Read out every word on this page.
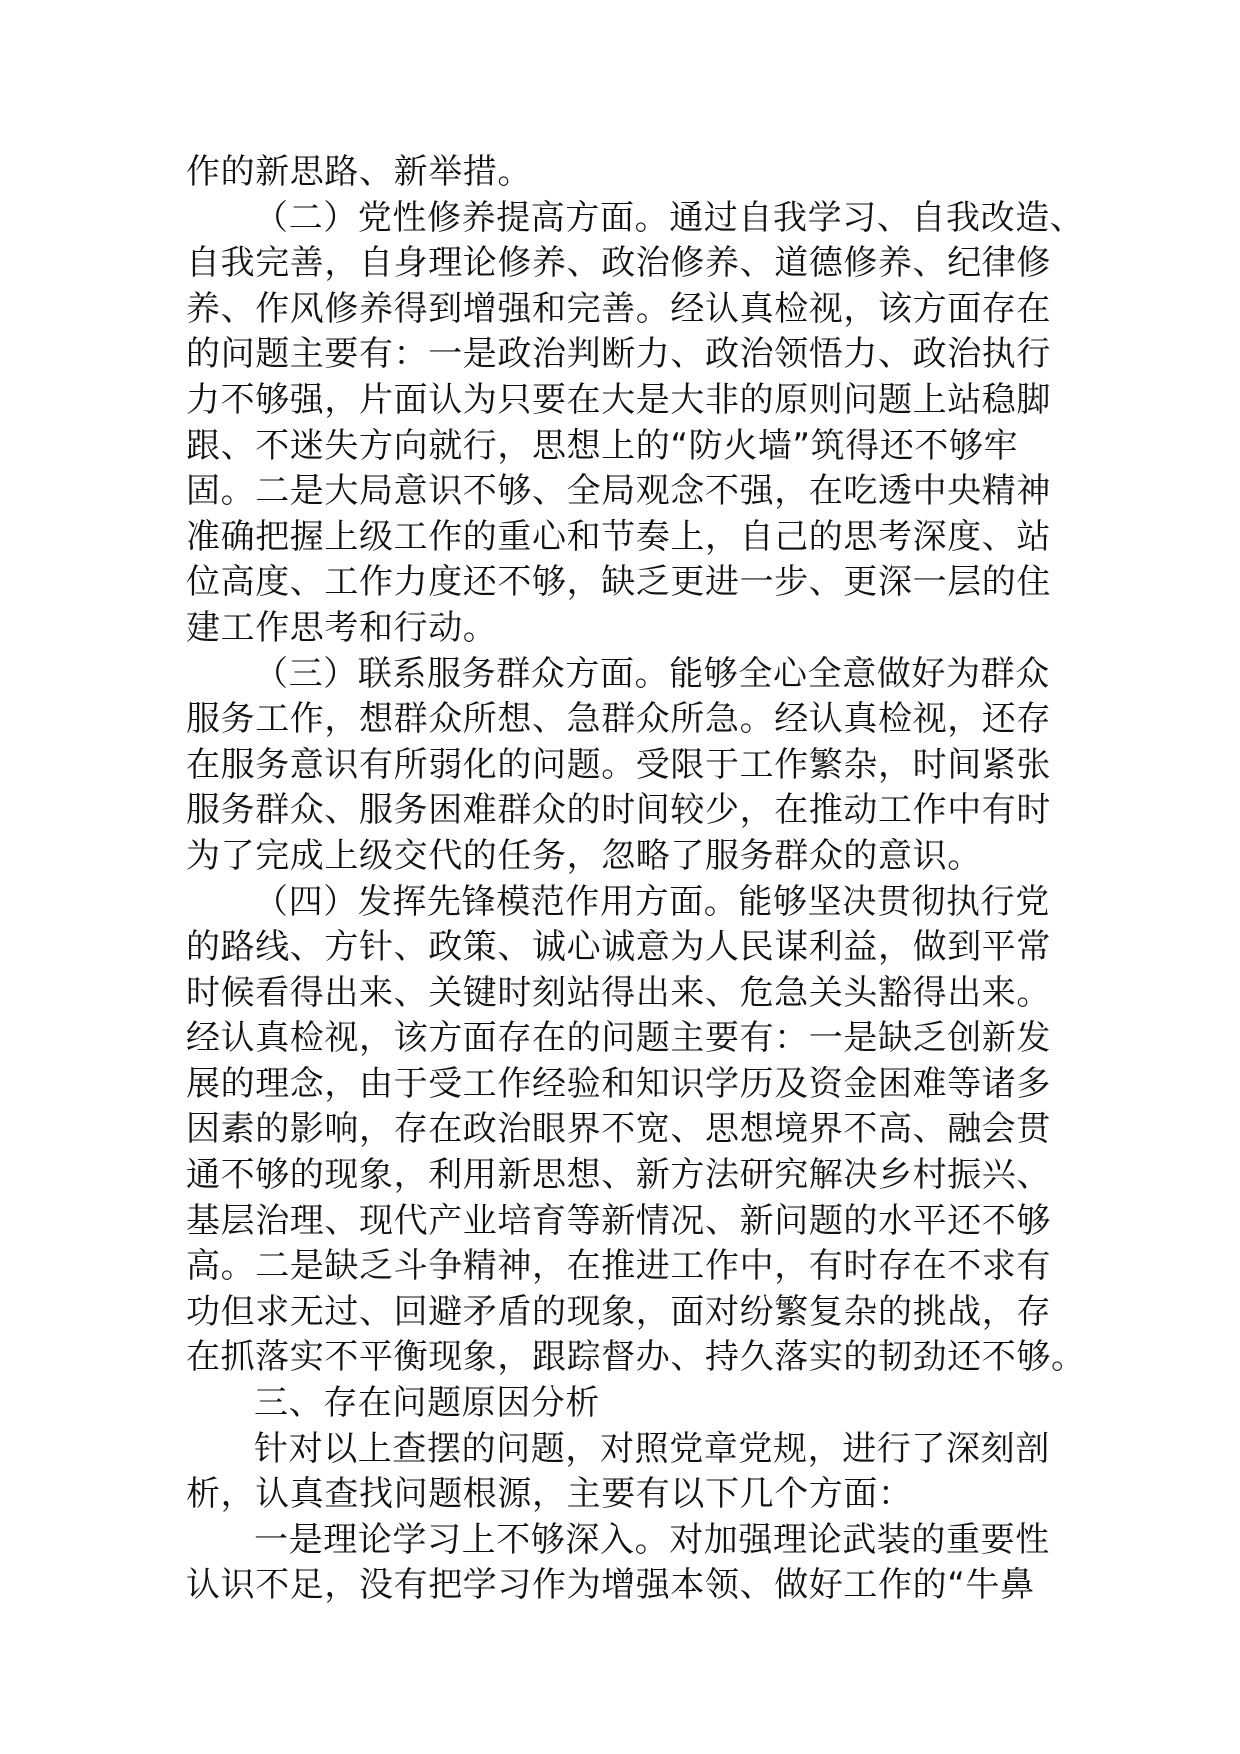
作的新思路、新举措。

（二）党性修养提高方面。通过自我学习、自我改造、

自我完善，自身理论修养、政治修养、道德修养、纪律修

养、作风修养得到增强和完善。经认真检视，该方面存在

的问题主要有：一是政治判断力、政治领悟力、政治执行

力不够强，片面认为只要在大是大非的原则问题上站稳脚

跟、不迷失方向就行，思想上的“防火墙”筑得还不够牢

固。二是大局意识不够、全局观念不强，在吃透中央精神

准确把握上级工作的重心和节奏上，自己的思考深度、站

位高度、工作力度还不够，缺乏更进一步、更深一层的住

建工作思考和行动。

（三）联系服务群众方面。能够全心全意做好为群众

服务工作，想群众所想、急群众所急。经认真检视，还存

在服务意识有所弱化的问题。受限于工作繁杂，时间紧张

服务群众、服务困难群众的时间较少，在推动工作中有时

为了完成上级交代的任务，忽略了服务群众的意识。

（四）发挥先锋模范作用方面。能够坚决贯彻执行党

的路线、方针、政策、诚心诚意为人民谋利益，做到平常

时候看得出来、关键时刻站得出来、危急关头豁得出来。

经认真检视，该方面存在的问题主要有：一是缺乏创新发

展的理念，由于受工作经验和知识学历及资金困难等诸多

因素的影响，存在政治眼界不宽、思想境界不高、融会贯

通不够的现象，利用新思想、新方法研究解决乡村振兴、

基层治理、现代产业培育等新情况、新问题的水平还不够

高。二是缺乏斗争精神，在推进工作中，有时存在不求有

功但求无过、回避矛盾的现象，面对纷繁复杂的挑战，存

在抓落实不平衡现象，跟踪督办、持久落实的韧劲还不够。

三、存在问题原因分析

针对以上查摆的问题，对照党章党规，进行了深刻剖

析，认真查找问题根源，主要有以下几个方面：

一是理论学习上不够深入。对加强理论武装的重要性

认识不足，没有把学习作为增强本领、做好工作的“牛鼻
